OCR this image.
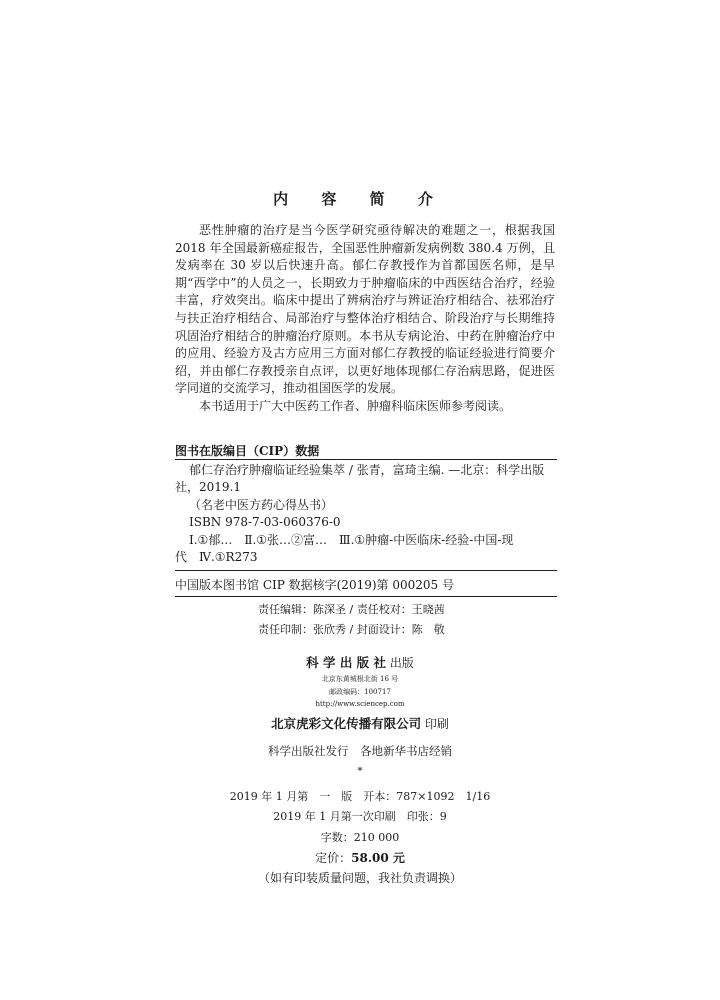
内 容 简 介

恶性肿瘤的治疗是当今医学研究亟待解决的难题之一，根据我国 2018 年全国最新癌症报告，全国恶性肿瘤新发病例数 380.4 万例，且发病率在 30 岁以后快速升高。郁仁存教授作为首都国医名师，是早期“西学中”的人员之一，长期致力于肿瘤临床的中西医结合治疗，经验丰富，疗效突出。临床中提出了辨病治疗与辨证治疗相结合、祛邪治疗与扶正治疗相结合、局部治疗与整体治疗相结合、阶段治疗与长期维持巩固治疗相结合的肿瘤治疗原则。本书从专病论治、中药在肿瘤治疗中的应用、经验方及古方应用三方面对郁仁存教授的临证经验进行简要介绍，并由郁仁存教授亲自点评，以更好地体现郁仁存治病思路，促进医学同道的交流学习，推动祖国医学的发展。

本书适用于广大中医药工作者、肿瘤科临床医师参考阅读。

图书在版编目（CIP）数据
郁仁存治疗肿瘤临证经验集萃 / 张青，富琦主编. —北京：科学出版
社，2019.1
（名老中医方药心得丛书）
ISBN 978-7-03-060376-0
Ⅰ.①郁…　Ⅱ.①张…②富…　Ⅲ.①肿瘤-中医临床-经验-中国-现
代　Ⅳ.①R273
中国版本图书馆 CIP 数据核字(2019)第 000205 号
责任编辑：陈深圣 / 责任校对：王晓茜
责任印制：张欣秀 / 封面设计：陈　敬
科 学 出 版 社 出版
北京东黄城根北街 16 号
邮政编码：100717
http://www.sciencep.com
北京虎彩文化传播有限公司 印刷
科学出版社发行　各地新华书店经销
*
2019 年 1 月第　一　版　开本：787×1092　1/16
2019 年 1 月第一次印刷　印张：9
字数：210 000
定价：58.00 元
（如有印装质量问题，我社负责调换）
